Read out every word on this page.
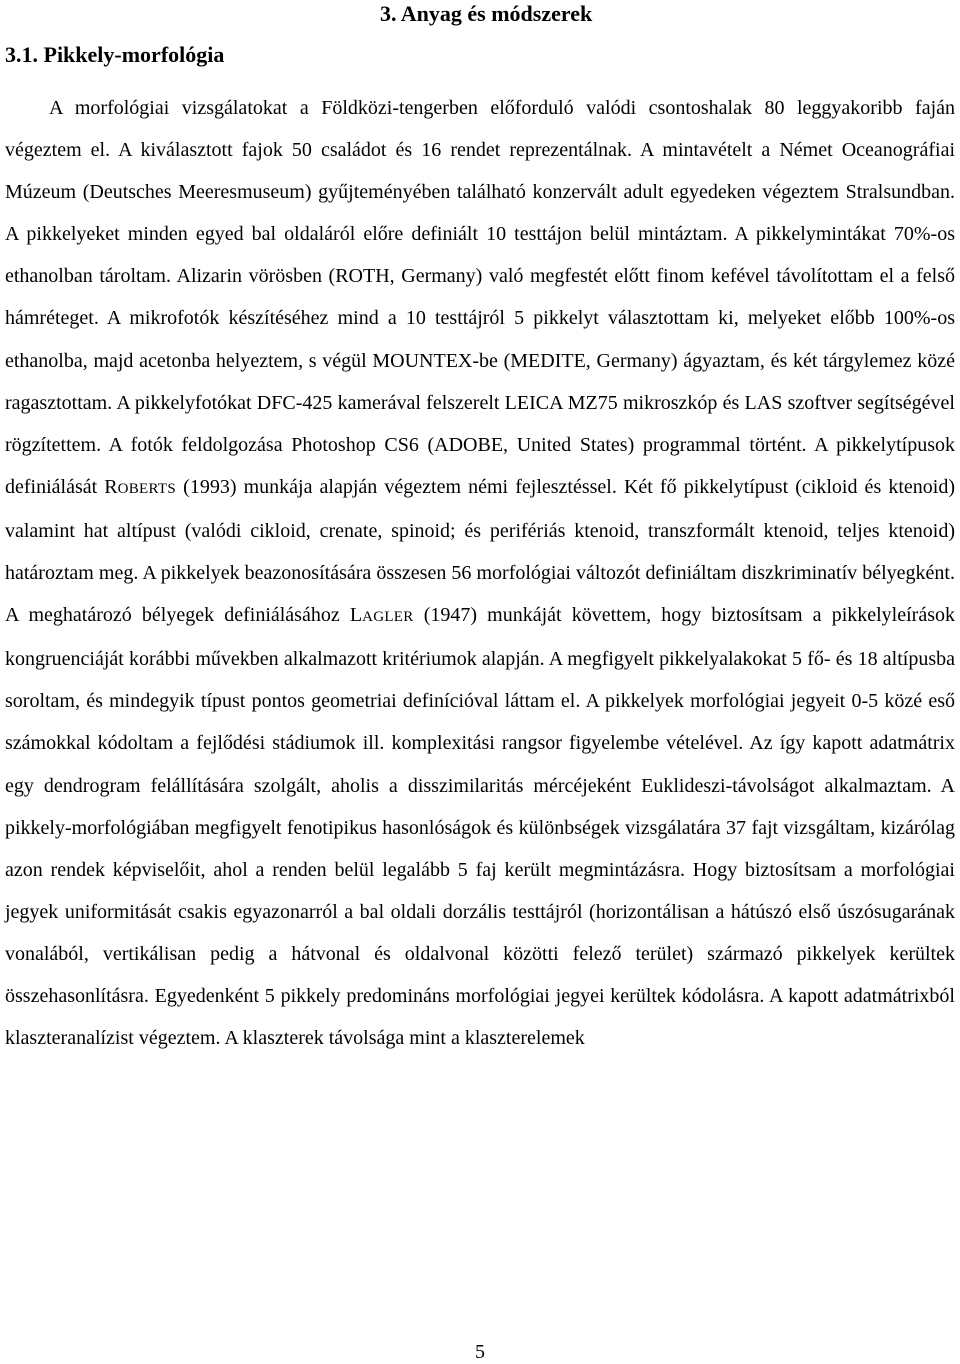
3. Anyag és módszerek
3.1. Pikkely-morfológia

A morfológiai vizsgálatokat a Földközi-tengerben előforduló valódi csontoshalak 80 leggyakoribb faján végeztem el. A kiválasztott fajok 50 családot és 16 rendet reprezentálnak. A mintavételt a Német Oceanográfiai Múzeum (Deutsches Meeresmuseum) gyűjteményében található konzervált adult egyedeken végeztem Stralsundban. A pikkelyeket minden egyed bal oldaláról előre definiált 10 testtájon belül mintáztam. A pikkelymintákat 70%-os ethanolban tároltam. Alizarin vörösben (ROTH, Germany) való megfestét előtt finom kefével távolítottam el a felső hámréteget. A mikrofotók készítéséhez mind a 10 testtájról 5 pikkelyt választottam ki, melyeket előbb 100%-os ethanolba, majd acetonba helyeztem, s végül MOUNTEX-be (MEDITE, Germany) ágyaztam, és két tárgylemez közé ragasztottam. A pikkelyfotókat DFC-425 kamerával felszerelt LEICA MZ75 mikroszkóp és LAS szoftver segítségével rögzítettem. A fotók feldolgozása Photoshop CS6 (ADOBE, United States) programmal történt. A pikkelytípusok definiálását ROBERTS (1993) munkája alapján végeztem némi fejlesztéssel. Két fő pikkelytípust (cikloid és ktenoid) valamint hat altípust (valódi cikloid, crenate, spinoid; és perifériás ktenoid, transzformált ktenoid, teljes ktenoid) határoztam meg. A pikkelyek beazonosítására összesen 56 morfológiai változót definiáltam diszkriminatív bélyegként. A meghatározó bélyegek definiálásához LAGLER (1947) munkáját követtem, hogy biztosítsam a pikkelyleírások kongruenciáját korábbi művekben alkalmazott kritériumok alapján. A megfigyelt pikkelyalakokat 5 fő- és 18 altípusba soroltam, és mindegyik típust pontos geometriai definícióval láttam el. A pikkelyek morfológiai jegyeit 0-5 közé eső számokkal kódoltam a fejlődési stádiumok ill. komplexitási rangsor figyelembe vételével. Az így kapott adatmátrix egy dendrogram felállítására szolgált, aholis a disszimilaritás mércéjeként Euklideszi-távolságot alkalmaztam. A pikkely-morfológiában megfigyelt fenotipikus hasonlóságok és különbségek vizsgálatára 37 fajt vizsgáltam, kizárólag azon rendek képviselőit, ahol a renden belül legalább 5 faj került megmintázásra. Hogy biztosítsam a morfológiai jegyek uniformitását csakis egyazonarról a bal oldali dorzális testtájról (horizontálisan a hátúszó első úszósugarának vonalából, vertikálisan pedig a hátvonal és oldalvonal közötti felező terület) származó pikkelyek kerültek összehasonlításra. Egyedenként 5 pikkely predomináns morfológiai jegyei kerültek kódolásra. A kapott adatmátrixból klaszteranalízist végeztem. A klaszterek távolsága mint a klaszterelemek

5
